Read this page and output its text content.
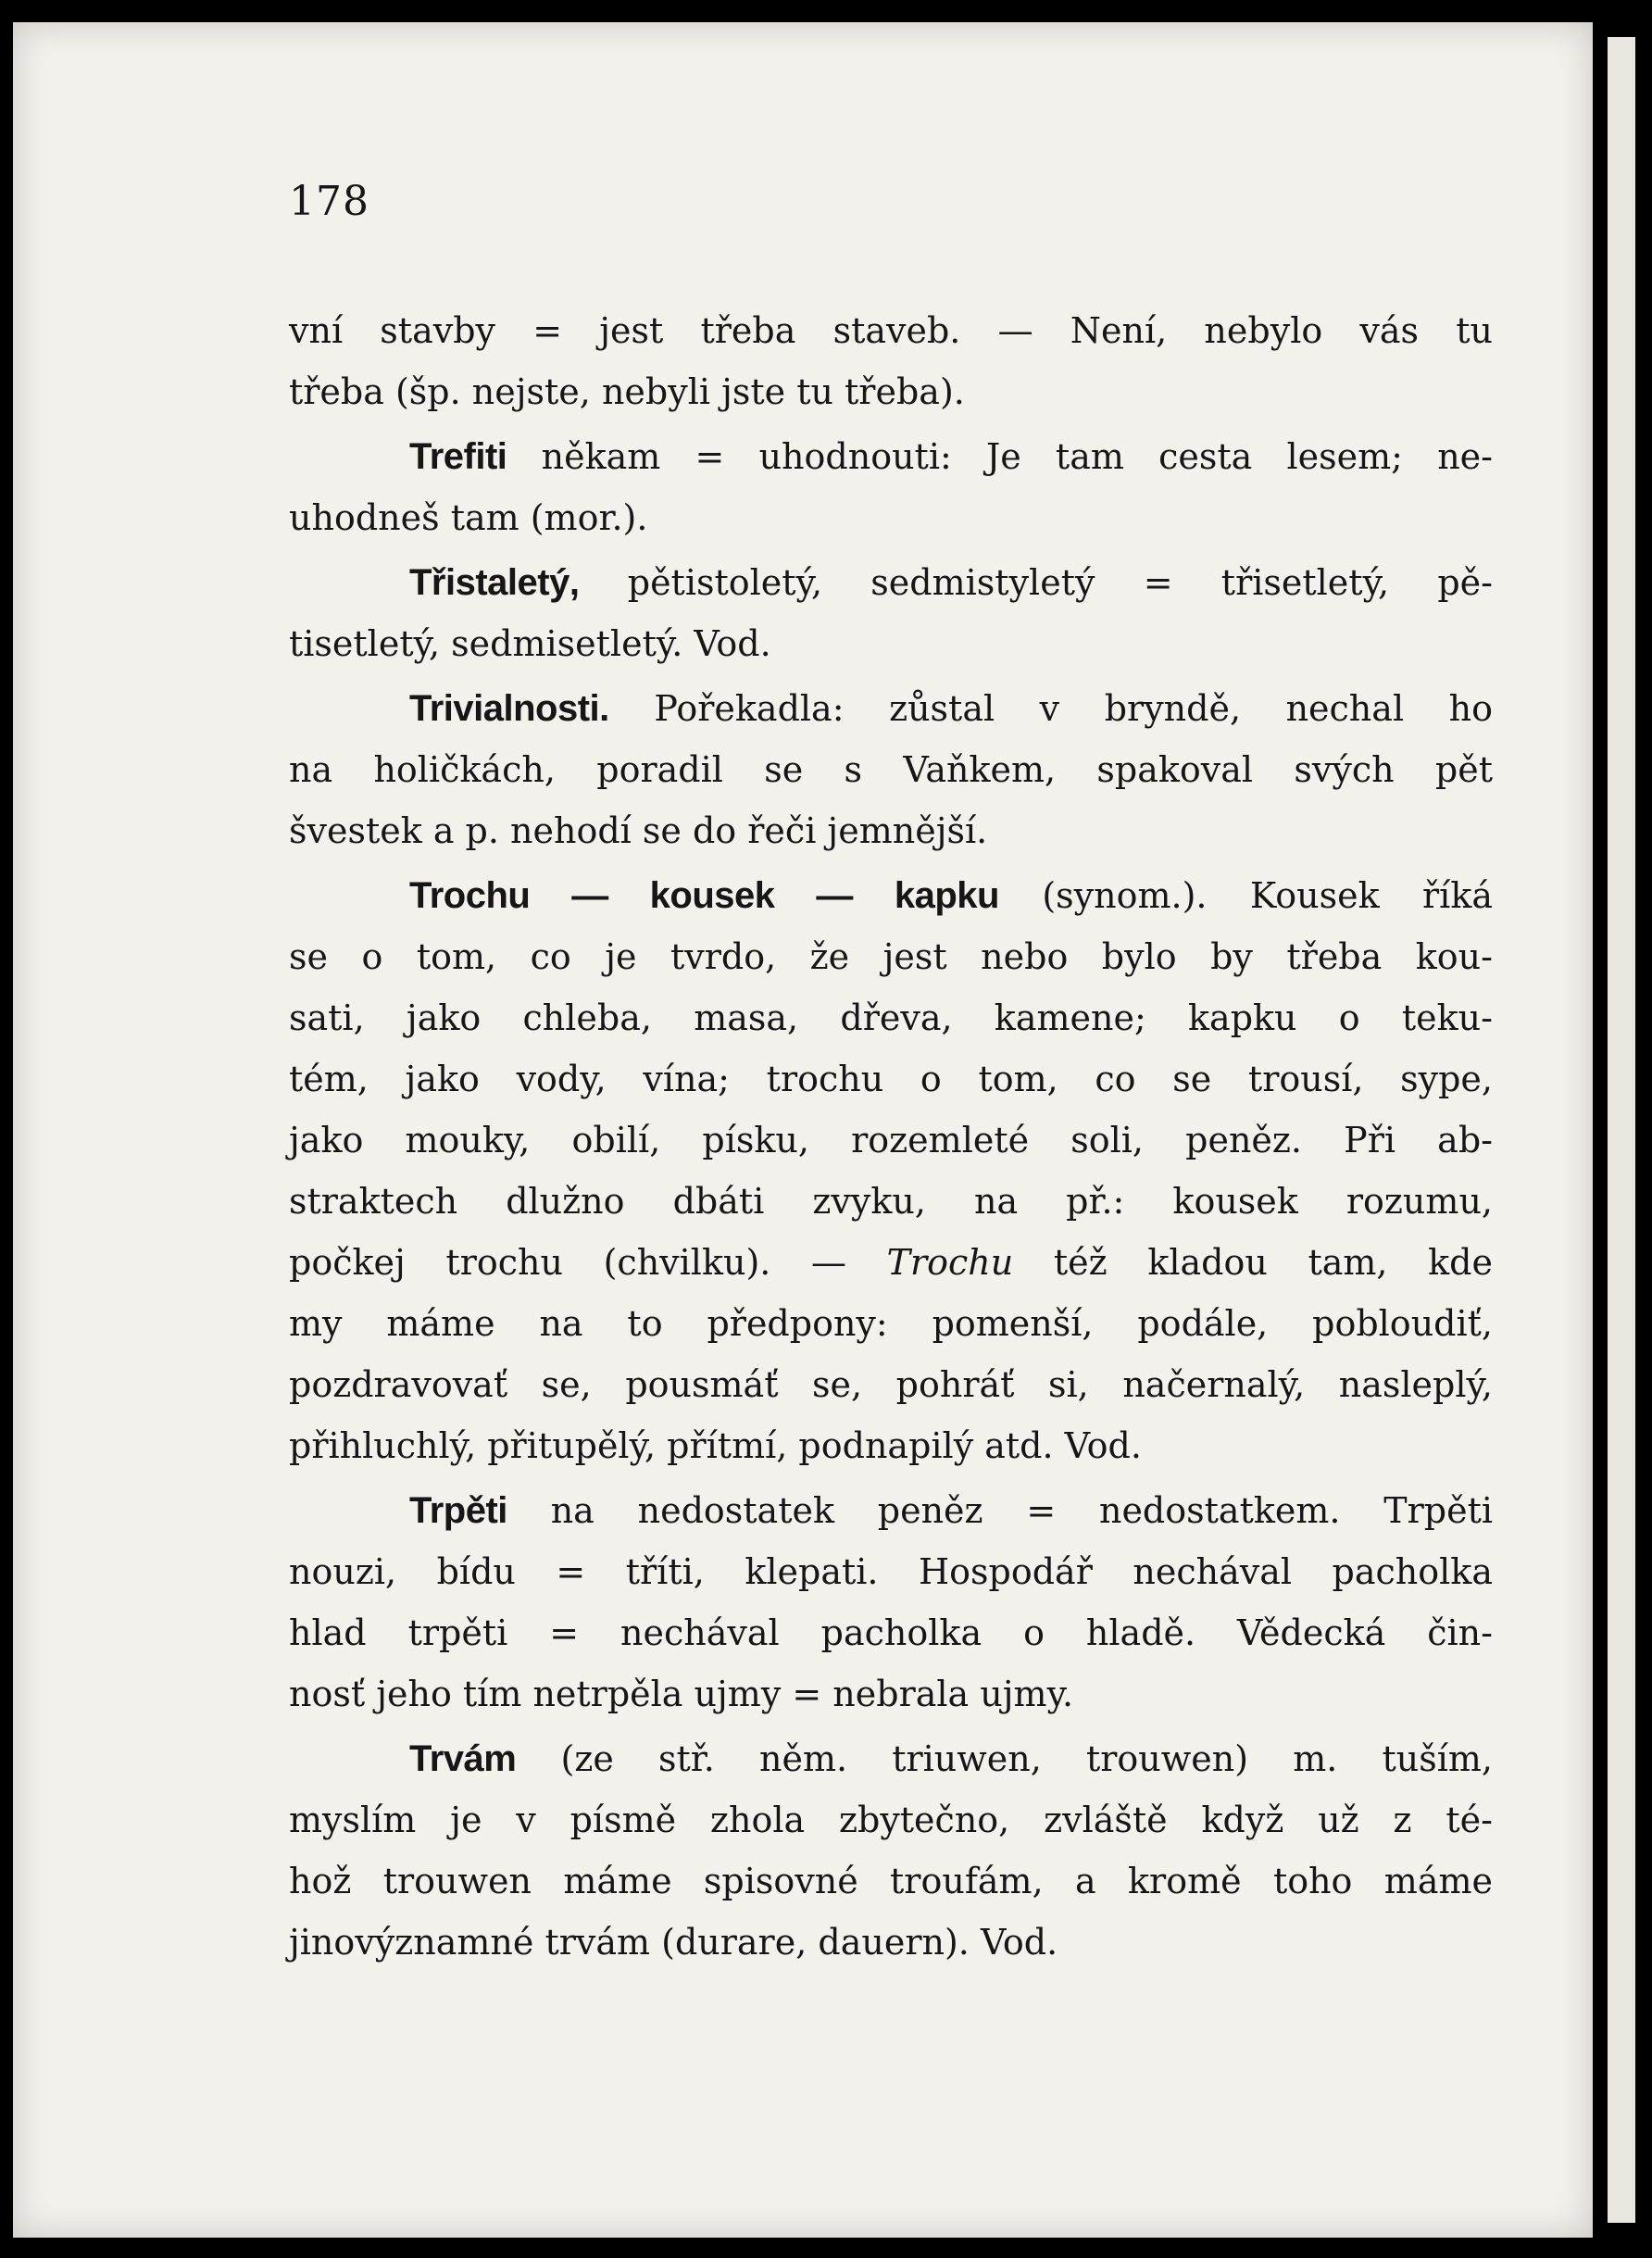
178

vní stavby = jest třeba staveb. — Není, nebylo vás tu
třeba (šp. nejste, nebyli jste tu třeba).

Trefiti někam = uhodnouti: Je tam cesta lesem; ne-
uhodneš tam (mor.).

Třistaletý, pětistoletý, sedmistyletý = třisetletý, pě-
tisetletý, sedmisetletý. Vod.

Trivialnosti. Pořekadla: zůstal v bryndě, nechal ho
na holičkách, poradil se s Vaňkem, spakoval svých pět
švestek a p. nehodí se do řeči jemnější.

Trochu — kousek — kapku (synom.). Kousek říká
se o tom, co je tvrdo, že jest nebo bylo by třeba kou-
sati, jako chleba, masa, dřeva, kamene; kapku o teku-
tém, jako vody, vína; trochu o tom, co se trousí, sype,
jako mouky, obilí, písku, rozemleté soli, peněz. Při ab-
straktech dlužno dbáti zvyku, na př.: kousek rozumu,
počkej trochu (chvilku). — Trochu též kladou tam, kde
my máme na to předpony: pomenší, podále, pobloudiť,
pozdravovať se, pousmáť se, pohráť si, načernalý, nasleplý,
přihluchlý, přitupělý, přítmí, podnapilý atd. Vod.

Trpěti na nedostatek peněz = nedostatkem. Trpěti
nouzi, bídu = tříti, klepati. Hospodář nechával pacholka
hlad trpěti = nechával pacholka o hladě. Vědecká čin-
nosť jeho tím netrpěla ujmy = nebrala ujmy.

Trvám (ze stř. něm. triuwen, trouwen) m. tuším,
myslím je v písmě zhola zbytečno, zvláště když už z té-
hož trouwen máme spisovné troufám, a kromě toho máme
jinovýznamné trvám (durare, dauern). Vod.
